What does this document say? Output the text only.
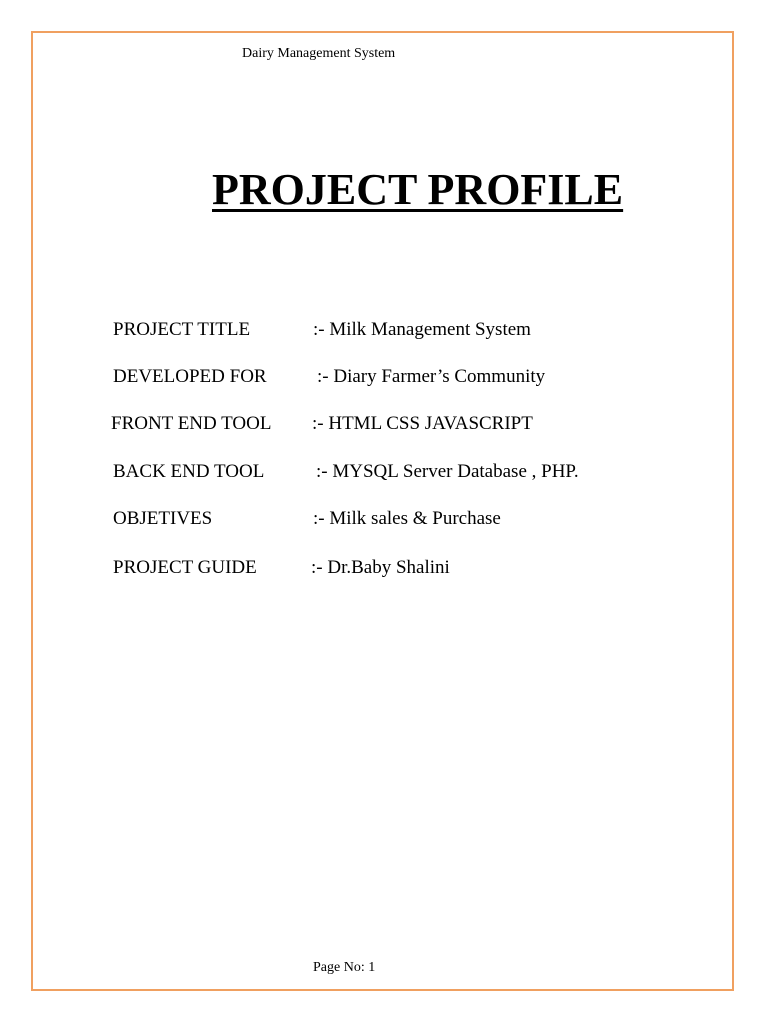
Dairy Management System
PROJECT PROFILE
PROJECT TITLE	:- Milk Management System
DEVELOPED FOR	:- Diary Farmer’s Community
FRONT END TOOL :- HTML CSS JAVASCRIPT
BACK END TOOL	:- MYSQL Server Database , PHP.
OBJETIVES	:- Milk sales & Purchase
PROJECT GUIDE	:- Dr.Baby Shalini
Page No: 1
